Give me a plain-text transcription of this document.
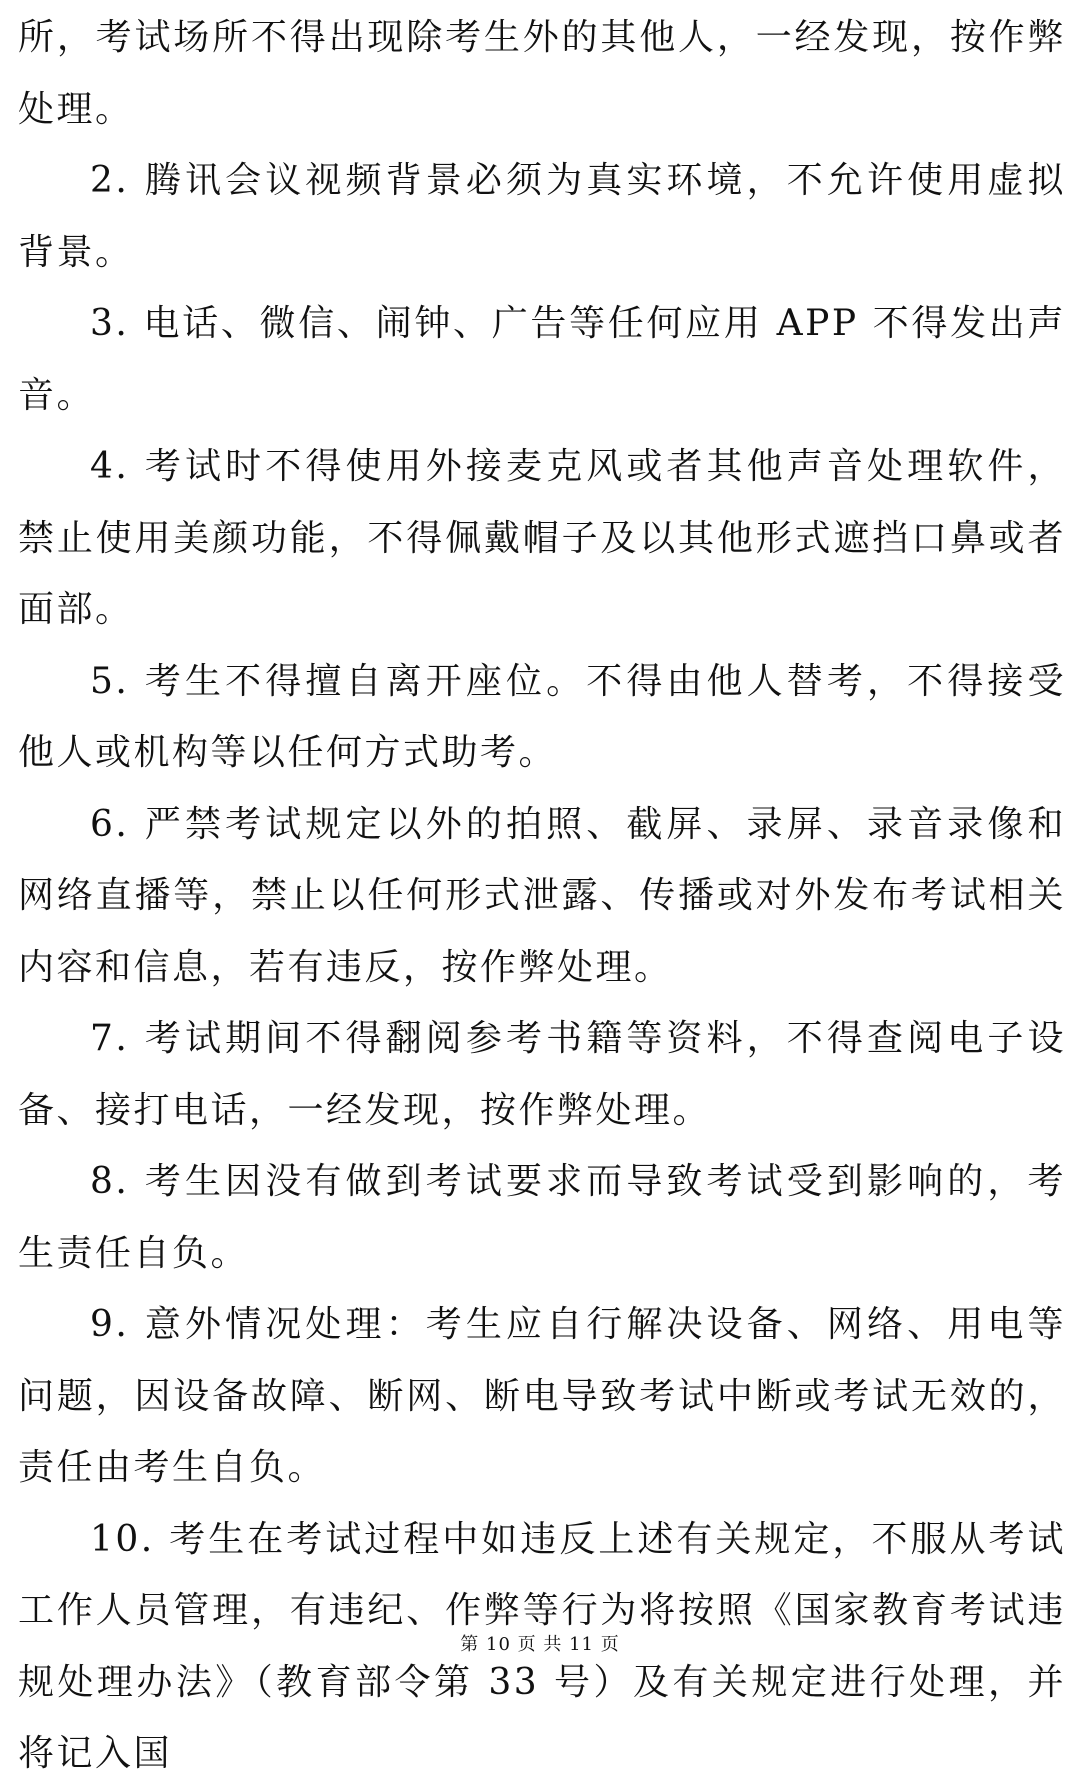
所，考试场所不得出现除考生外的其他人，一经发现，按作弊处理。

2. 腾讯会议视频背景必须为真实环境，不允许使用虚拟背景。

3. 电话、微信、闹钟、广告等任何应用 APP 不得发出声音。

4. 考试时不得使用外接麦克风或者其他声音处理软件，禁止使用美颜功能，不得佩戴帽子及以其他形式遮挡口鼻或者面部。

5. 考生不得擅自离开座位。不得由他人替考，不得接受他人或机构等以任何方式助考。

6. 严禁考试规定以外的拍照、截屏、录屏、录音录像和网络直播等，禁止以任何形式泄露、传播或对外发布考试相关内容和信息，若有违反，按作弊处理。

7. 考试期间不得翻阅参考书籍等资料，不得查阅电子设备、接打电话，一经发现，按作弊处理。

8. 考生因没有做到考试要求而导致考试受到影响的，考生责任自负。

9. 意外情况处理：考生应自行解决设备、网络、用电等问题，因设备故障、断网、断电导致考试中断或考试无效的，责任由考生自负。

10. 考生在考试过程中如违反上述有关规定，不服从考试工作人员管理，有违纪、作弊等行为将按照《国家教育考试违规处理办法》（教育部令第 33 号）及有关规定进行处理，并将记入国

第 10 页 共 11 页
